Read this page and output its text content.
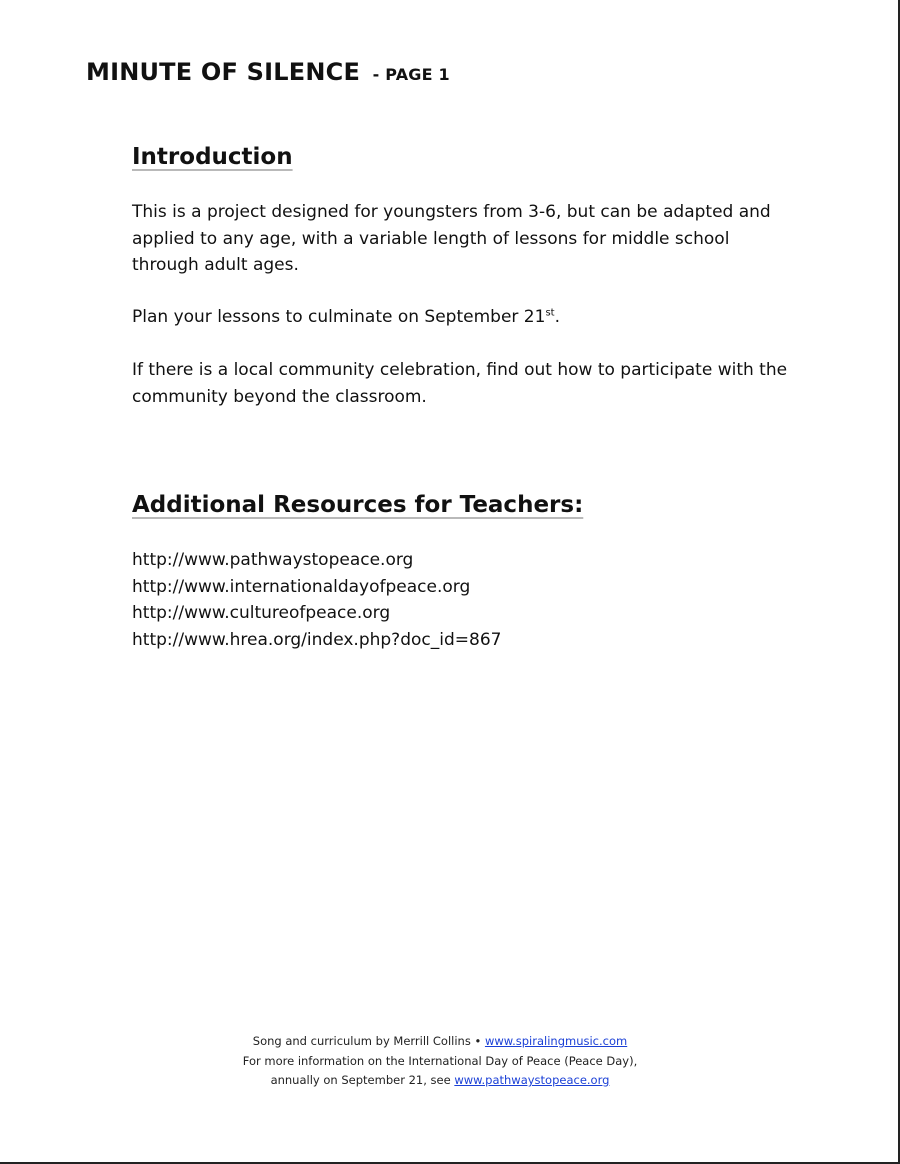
MINUTE OF SILENCE - PAGE 1
Introduction

This is a project designed for youngsters from 3-6, but can be adapted and applied to any age, with a variable length of lessons for middle school through adult ages.

Plan your lessons to culminate on September 21st.

If there is a local community celebration, find out how to participate with the community beyond the classroom.

Additional Resources for Teachers:
http://www.pathwaystopeace.org
http://www.internationaldayofpeace.org
http://www.cultureofpeace.org
http://www.hrea.org/index.php?doc_id=867
Song and curriculum by Merrill Collins • www.spiralingmusic.com
For more information on the International Day of Peace (Peace Day),
annually on September 21, see www.pathwaystopeace.org
